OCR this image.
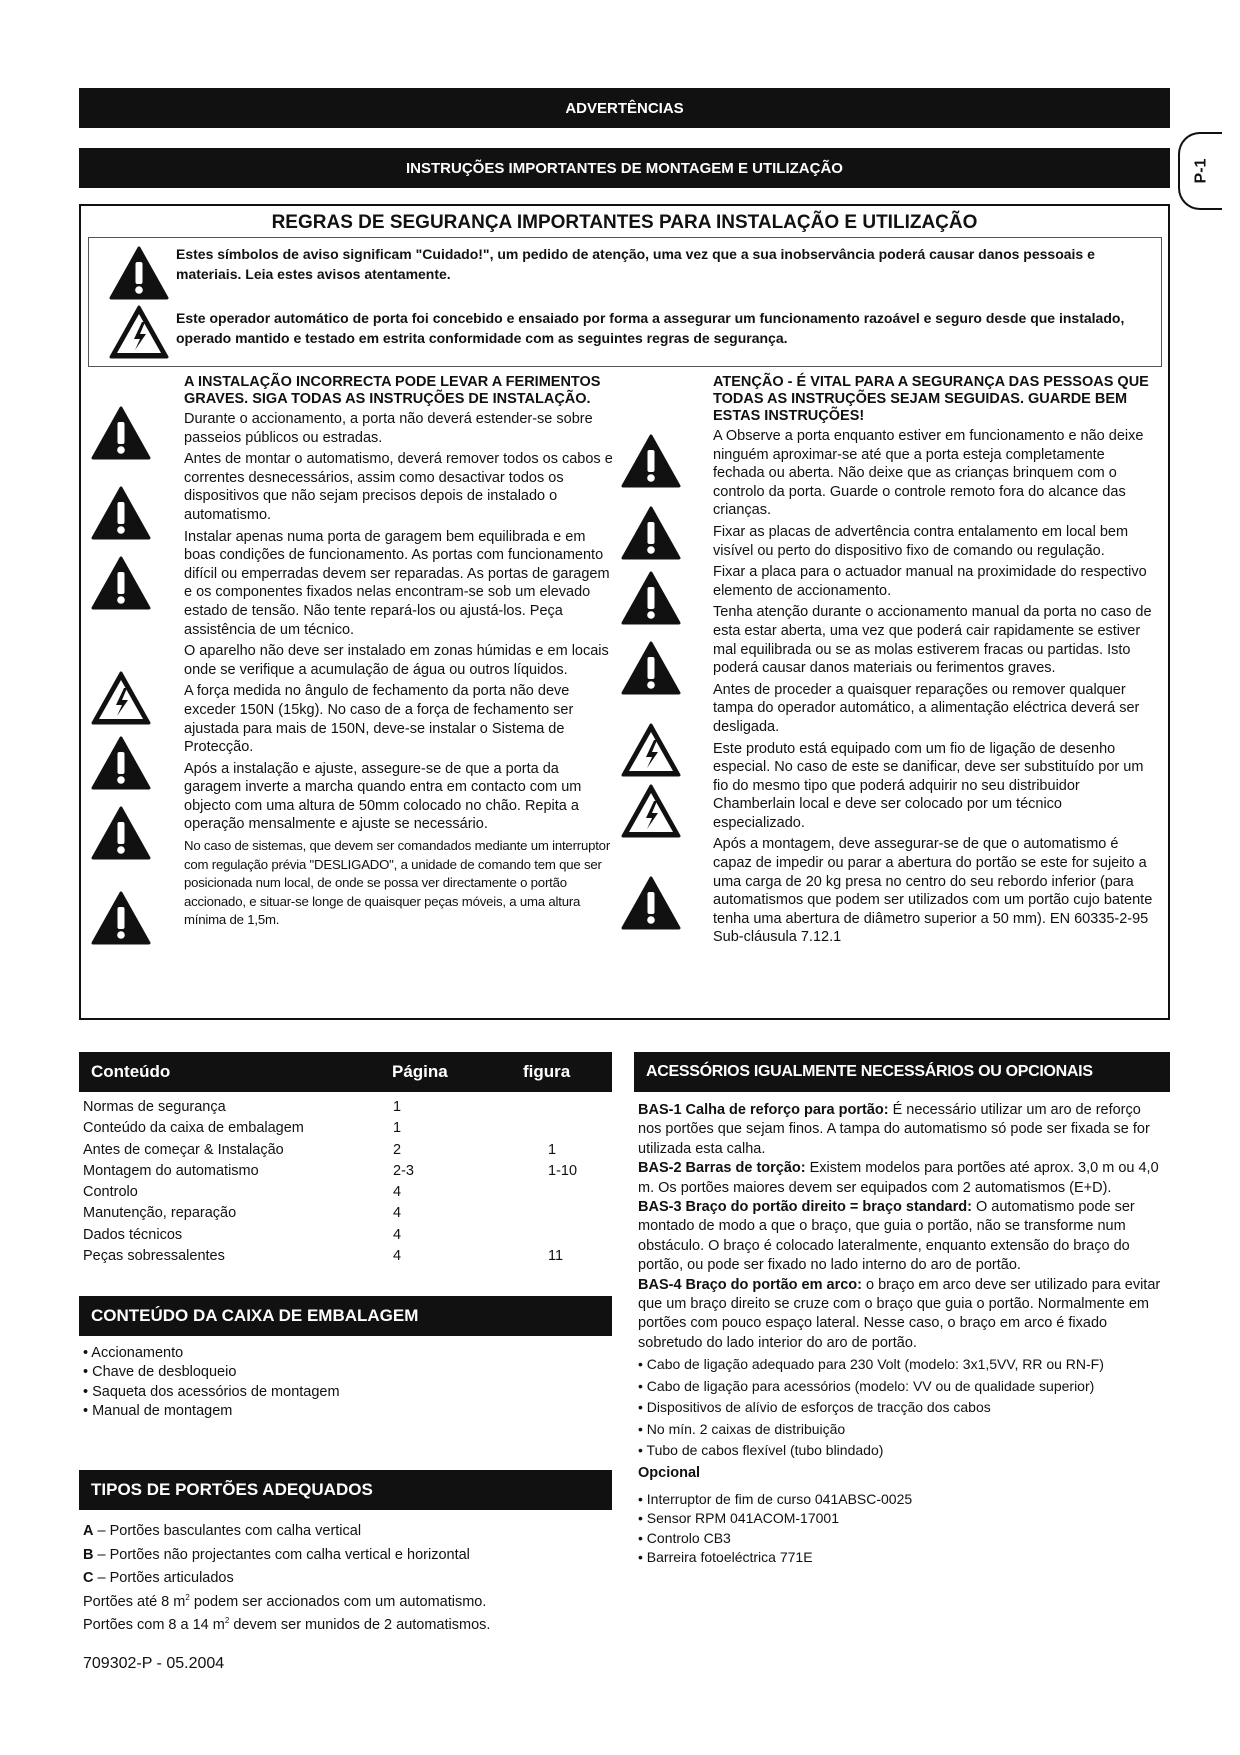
ADVERTÊNCIAS
INSTRUÇÕES IMPORTANTES DE MONTAGEM E UTILIZAÇÃO	P-1
REGRAS DE SEGURANÇA IMPORTANTES PARA INSTALAÇÃO E UTILIZAÇÃO
Estes símbolos de aviso significam "Cuidado!", um pedido de atenção, uma vez que a sua inobservância poderá causar danos pessoais e materiais. Leia estes avisos atentamente.
Este operador automático de porta foi concebido e ensaiado por forma a assegurar um funcionamento razoável e seguro desde que instalado, operado mantido e testado em estrita conformidade com as seguintes regras de segurança.
A INSTALAÇÃO INCORRECTA PODE LEVAR A FERIMENTOS GRAVES. SIGA TODAS AS INSTRUÇÕES DE INSTALAÇÃO.

Durante o accionamento, a porta não deverá estender-se sobre passeios públicos ou estradas.

Antes de montar o automatismo, deverá remover todos os cabos e correntes desnecessários, assim como desactivar todos os dispositivos que não sejam precisos depois de instalado o automatismo.

Instalar apenas numa porta de garagem bem equilibrada e em boas condições de funcionamento. As portas com funcionamento difícil ou emperradas devem ser reparadas. As portas de garagem e os componentes fixados nelas encontram-se sob um elevado estado de tensão. Não tente repará-los ou ajustá-los. Peça assistência de um técnico.

O aparelho não deve ser instalado em zonas húmidas e em locais onde se verifique a acumulação de água ou outros líquidos.

A força medida no ângulo de fechamento da porta não deve exceder 150N (15kg). No caso de a força de fechamento ser ajustada para mais de 150N, deve-se instalar o Sistema de Protecção.

Após a instalação e ajuste, assegure-se de que a porta da garagem inverte a marcha quando entra em contacto com um objecto com uma altura de 50mm colocado no chão. Repita a operação mensalmente e ajuste se necessário.

No caso de sistemas, que devem ser comandados mediante um interruptor com regulação prévia "DESLIGADO", a unidade de comando tem que ser posicionada num local, de onde se possa ver directamente o portão accionado, e situar-se longe de quaisquer peças móveis, a uma altura mínima de 1,5m.

ATENÇÃO - É VITAL PARA A SEGURANÇA DAS PESSOAS QUE TODAS AS INSTRUÇÕES SEJAM SEGUIDAS. GUARDE BEM ESTAS INSTRUÇÕES!

A Observe a porta enquanto estiver em funcionamento e não deixe ninguém aproximar-se até que a porta esteja completamente fechada ou aberta. Não deixe que as crianças brinquem com o controlo da porta. Guarde o controle remoto fora do alcance das crianças.

Fixar as placas de advertência contra entalamento em local bem visível ou perto do dispositivo fixo de comando ou regulação.

Fixar a placa para o actuador manual na proximidade do respectivo elemento de accionamento.

Tenha atenção durante o accionamento manual da porta no caso de esta estar aberta, uma vez que poderá cair rapidamente se estiver mal equilibrada ou se as molas estiverem fracas ou partidas. Isto poderá causar danos materiais ou ferimentos graves.

Antes de proceder a quaisquer reparações ou remover qualquer tampa do operador automático, a alimentação eléctrica deverá ser desligada.

Este produto está equipado com um fio de ligação de desenho especial. No caso de este se danificar, deve ser substituído por um fio do mesmo tipo que poderá adquirir no seu distribuidor Chamberlain local e deve ser colocado por um técnico especializado.

Após a montagem, deve assegurar-se de que o automatismo é capaz de impedir ou parar a abertura do portão se este for sujeito a uma carga de 20 kg presa no centro do seu rebordo inferior (para automatismos que podem ser utilizados com um portão cujo batente tenha uma abertura de diâmetro superior a 50 mm). EN 60335-2-95 Sub-cláusula 7.12.1

Conteúdo	Página	figura
Normas de segurança	1
Conteúdo da caixa de embalagem	1
Antes de começar & Instalação	2	1
Montagem do automatismo	2-3	1-10
Controlo	4
Manutenção, reparação	4
Dados técnicos	4
Peças sobressalentes	4	11
CONTEÚDO DA CAIXA DE EMBALAGEM
• Accionamento
• Chave de desbloqueio
• Saqueta dos acessórios de montagem
• Manual de montagem
TIPOS DE PORTÕES ADEQUADOS
A – Portões basculantes com calha vertical
B – Portões não projectantes com calha vertical e horizontal
C – Portões articulados
Portões até 8 $m^2$ podem ser accionados com um automatismo.
Portões com 8 a 14 $m^2$ devem ser munidos de 2 automatismos.
ACESSÓRIOS IGUALMENTE NECESSÁRIOS OU OPCIONAIS

BAS-1 Calha de reforço para portão: É necessário utilizar um aro de reforço nos portões que sejam finos. A tampa do automatismo só pode ser fixada se for utilizada esta calha.

BAS-2 Barras de torção: Existem modelos para portões até aprox. 3,0 m ou 4,0 m. Os portões maiores devem ser equipados com 2 automatismos (E+D).

BAS-3 Braço do portão direito = braço standard: O automatismo pode ser montado de modo a que o braço, que guia o portão, não se transforme num obstáculo. O braço é colocado lateralmente, enquanto extensão do braço do portão, ou pode ser fixado no lado interno do aro de portão.

BAS-4 Braço do portão em arco: o braço em arco deve ser utilizado para evitar que um braço direito se cruze com o braço que guia o portão. Normalmente em portões com pouco espaço lateral. Nesse caso, o braço em arco é fixado sobretudo do lado interior do aro de portão.

• Cabo de ligação adequado para 230 Volt (modelo: 3x1,5VV, RR ou RN-F)
• Cabo de ligação para acessórios (modelo: VV ou de qualidade superior)
• Dispositivos de alívio de esforços de tracção dos cabos
• No mín. 2 caixas de distribuição
• Tubo de cabos flexível (tubo blindado)
Opcional
• Interruptor de fim de curso 041ABSC-0025
• Sensor RPM 041ACOM-17001
• Controlo CB3
• Barreira fotoeléctrica 771E
709302-P - 05.2004
